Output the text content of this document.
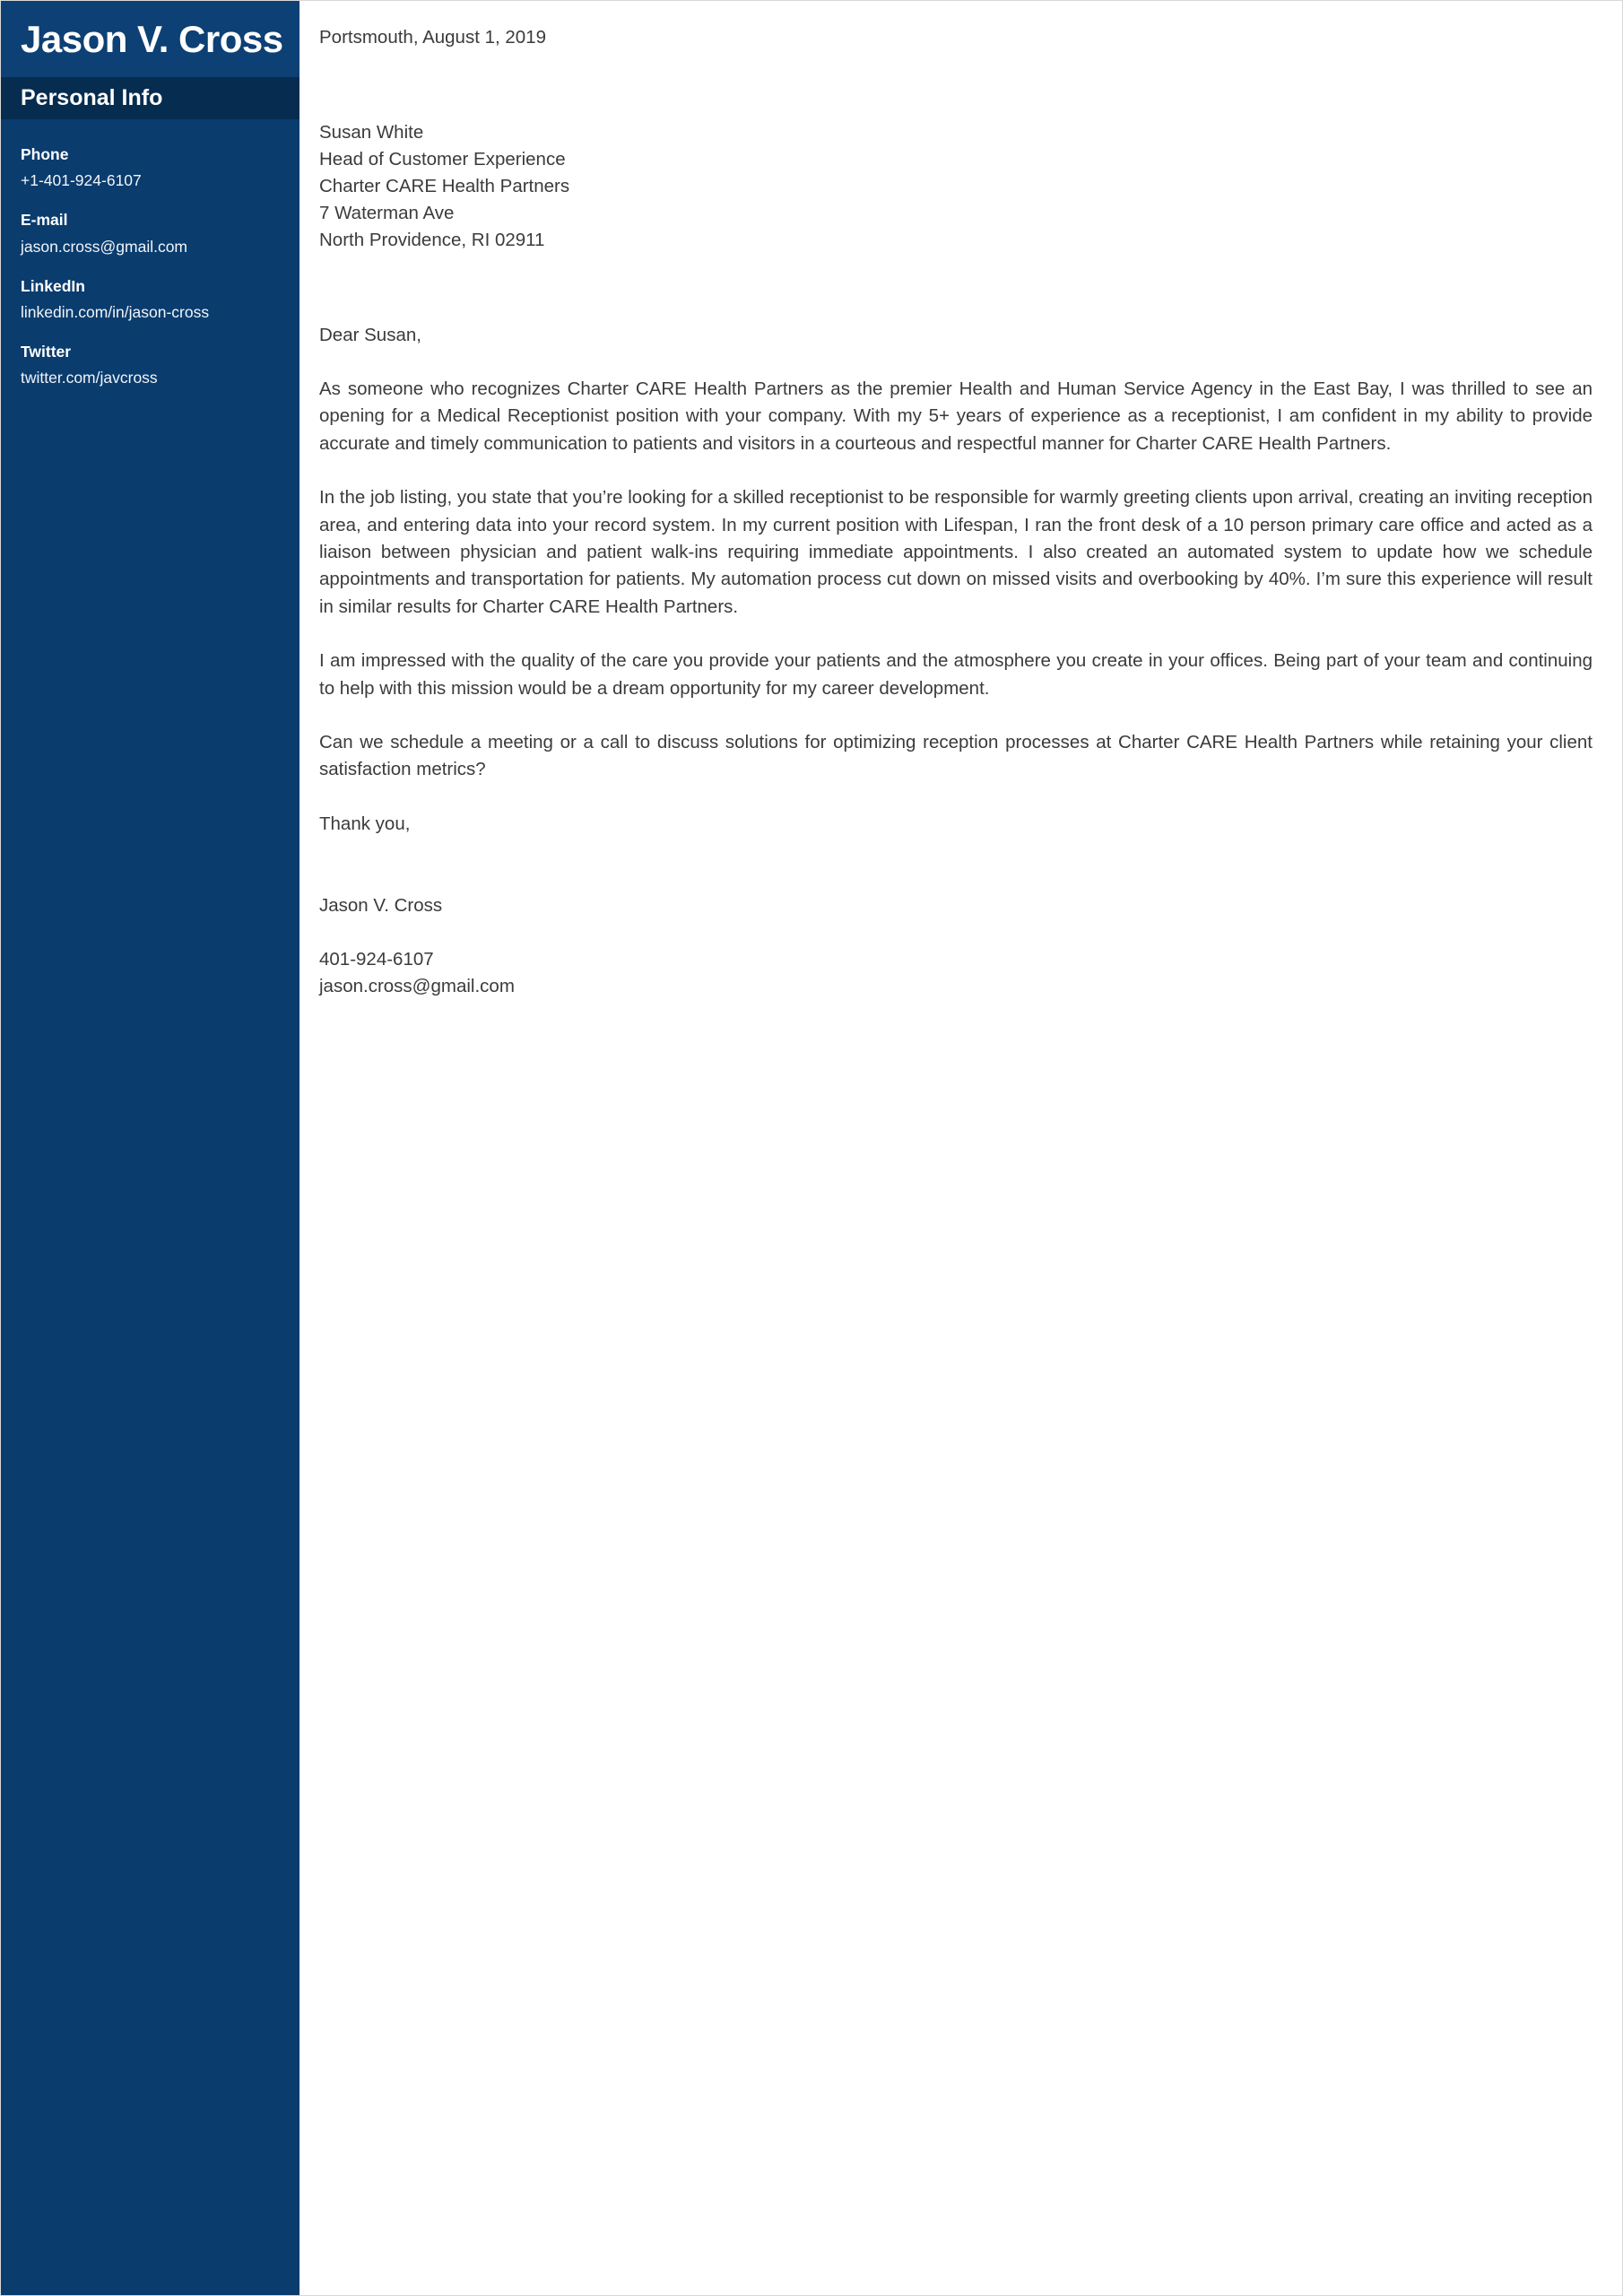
Jason V. Cross
Personal Info
Phone
+1-401-924-6107
E-mail
jason.cross@gmail.com
LinkedIn
linkedin.com/in/jason-cross
Twitter
twitter.com/javcross
Portsmouth, August 1, 2019
Susan White
Head of Customer Experience
Charter CARE Health Partners
7 Waterman Ave
North Providence, RI 02911
Dear Susan,

As someone who recognizes Charter CARE Health Partners as the premier Health and Human Service Agency in the East Bay, I was thrilled to see an opening for a Medical Receptionist position with your company. With my 5+ years of experience as a receptionist, I am confident in my ability to provide accurate and timely communication to patients and visitors in a courteous and respectful manner for Charter CARE Health Partners.

In the job listing, you state that you’re looking for a skilled receptionist to be responsible for warmly greeting clients upon arrival, creating an inviting reception area, and entering data into your record system. In my current position with Lifespan, I ran the front desk of a 10 person primary care office and acted as a liaison between physician and patient walk-ins requiring immediate appointments. I also created an automated system to update how we schedule appointments and transportation for patients. My automation process cut down on missed visits and overbooking by 40%. I’m sure this experience will result in similar results for Charter CARE Health Partners.

I am impressed with the quality of the care you provide your patients and the atmosphere you create in your offices. Being part of your team and continuing to help with this mission would be a dream opportunity for my career development.

Can we schedule a meeting or a call to discuss solutions for optimizing reception processes at Charter CARE Health Partners while retaining your client satisfaction metrics?

Thank you,
Jason V. Cross
401-924-6107
jason.cross@gmail.com
